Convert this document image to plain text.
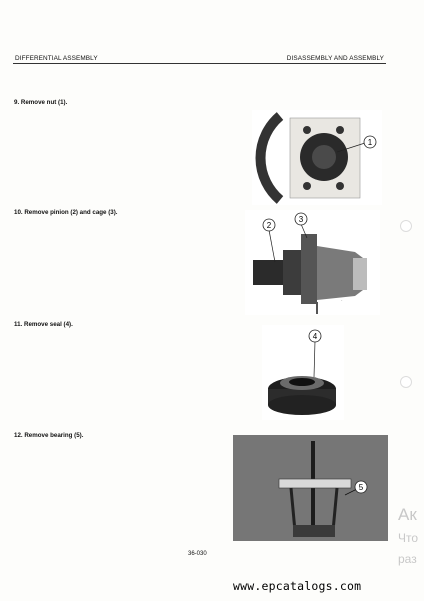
DIFFERENTIAL ASSEMBLY	DISASSEMBLY AND ASSEMBLY
9. Remove nut (1).
10. Remove pinion (2) and cage (3).
11. Remove seal (4).
12. Remove bearing (5).
1
·
2
3
4
5
36-030
Ак
Что
раз
www.epcatalogs.com
